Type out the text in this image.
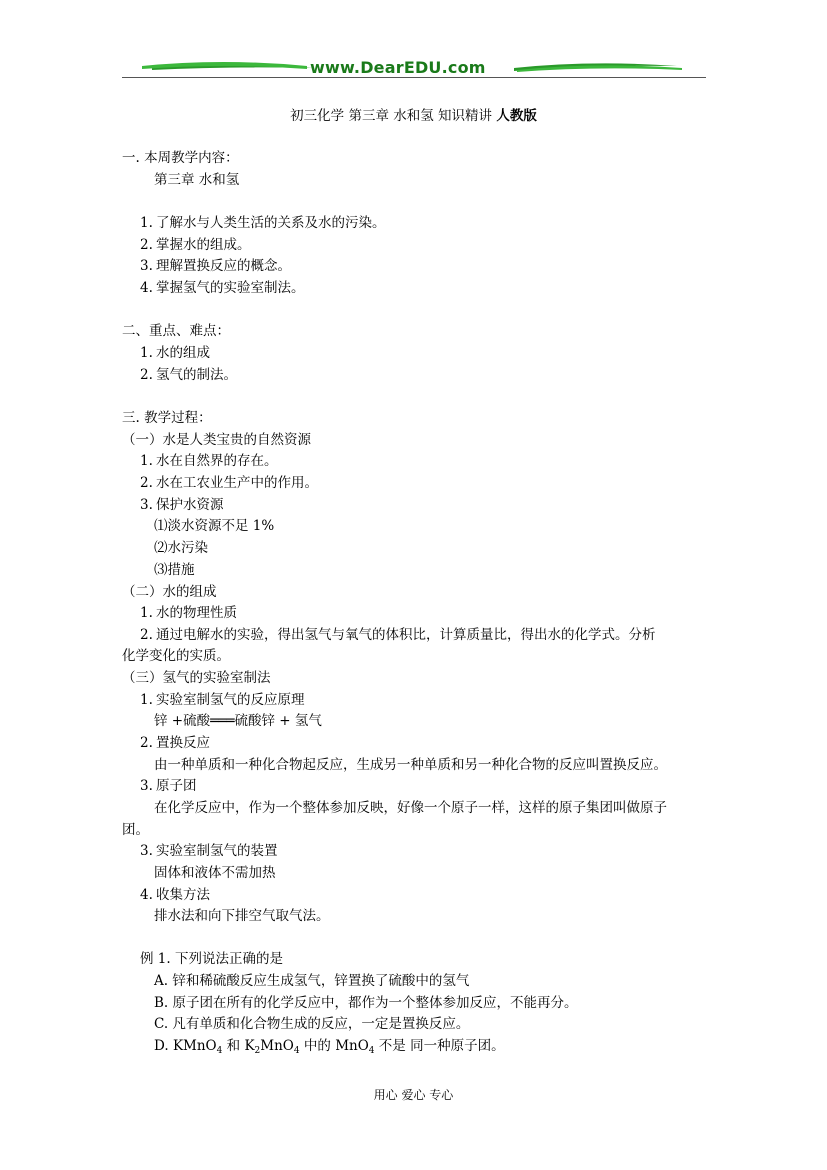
www.DearEDU.com
初三化学 第三章 水和氢 知识精讲 人教版
一. 本周教学内容：
第三章 水和氢
1. 了解水与人类生活的关系及水的污染。
2. 掌握水的组成。
3. 理解置换反应的概念。
4. 掌握氢气的实验室制法。
二、重点、难点：
1. 水的组成
2. 氢气的制法。
三. 教学过程：
（一）水是人类宝贵的自然资源
1. 水在自然界的存在。
2. 水在工农业生产中的作用。
3. 保护水资源
⑴淡水资源不足 1%
⑵水污染
⑶措施
（二）水的组成
1. 水的物理性质
2. 通过电解水的实验，得出氢气与氧气的体积比，计算质量比，得出水的化学式。分析
化学变化的实质。
（三）氢气的实验室制法
1. 实验室制氢气的反应原理
锌 +硫酸═══硫酸锌 + 氢气
2. 置换反应
由一种单质和一种化合物起反应，生成另一种单质和另一种化合物的反应叫置换反应。
3. 原子团
在化学反应中，作为一个整体参加反映，好像一个原子一样，这样的原子集团叫做原子
团。
3. 实验室制氢气的装置
固体和液体不需加热
4. 收集方法
排水法和向下排空气取气法。
例 1. 下列说法正确的是
A. 锌和稀硫酸反应生成氢气，锌置换了硫酸中的氢气
B. 原子团在所有的化学反应中，都作为一个整体参加反应，不能再分。
C. 凡有单质和化合物生成的反应，一定是置换反应。
D. KMnO$_4$ 和 $K_2MnO_4$ 中的 MnO$_4$ 不是 同一种原子团。
用心 爱心 专心
